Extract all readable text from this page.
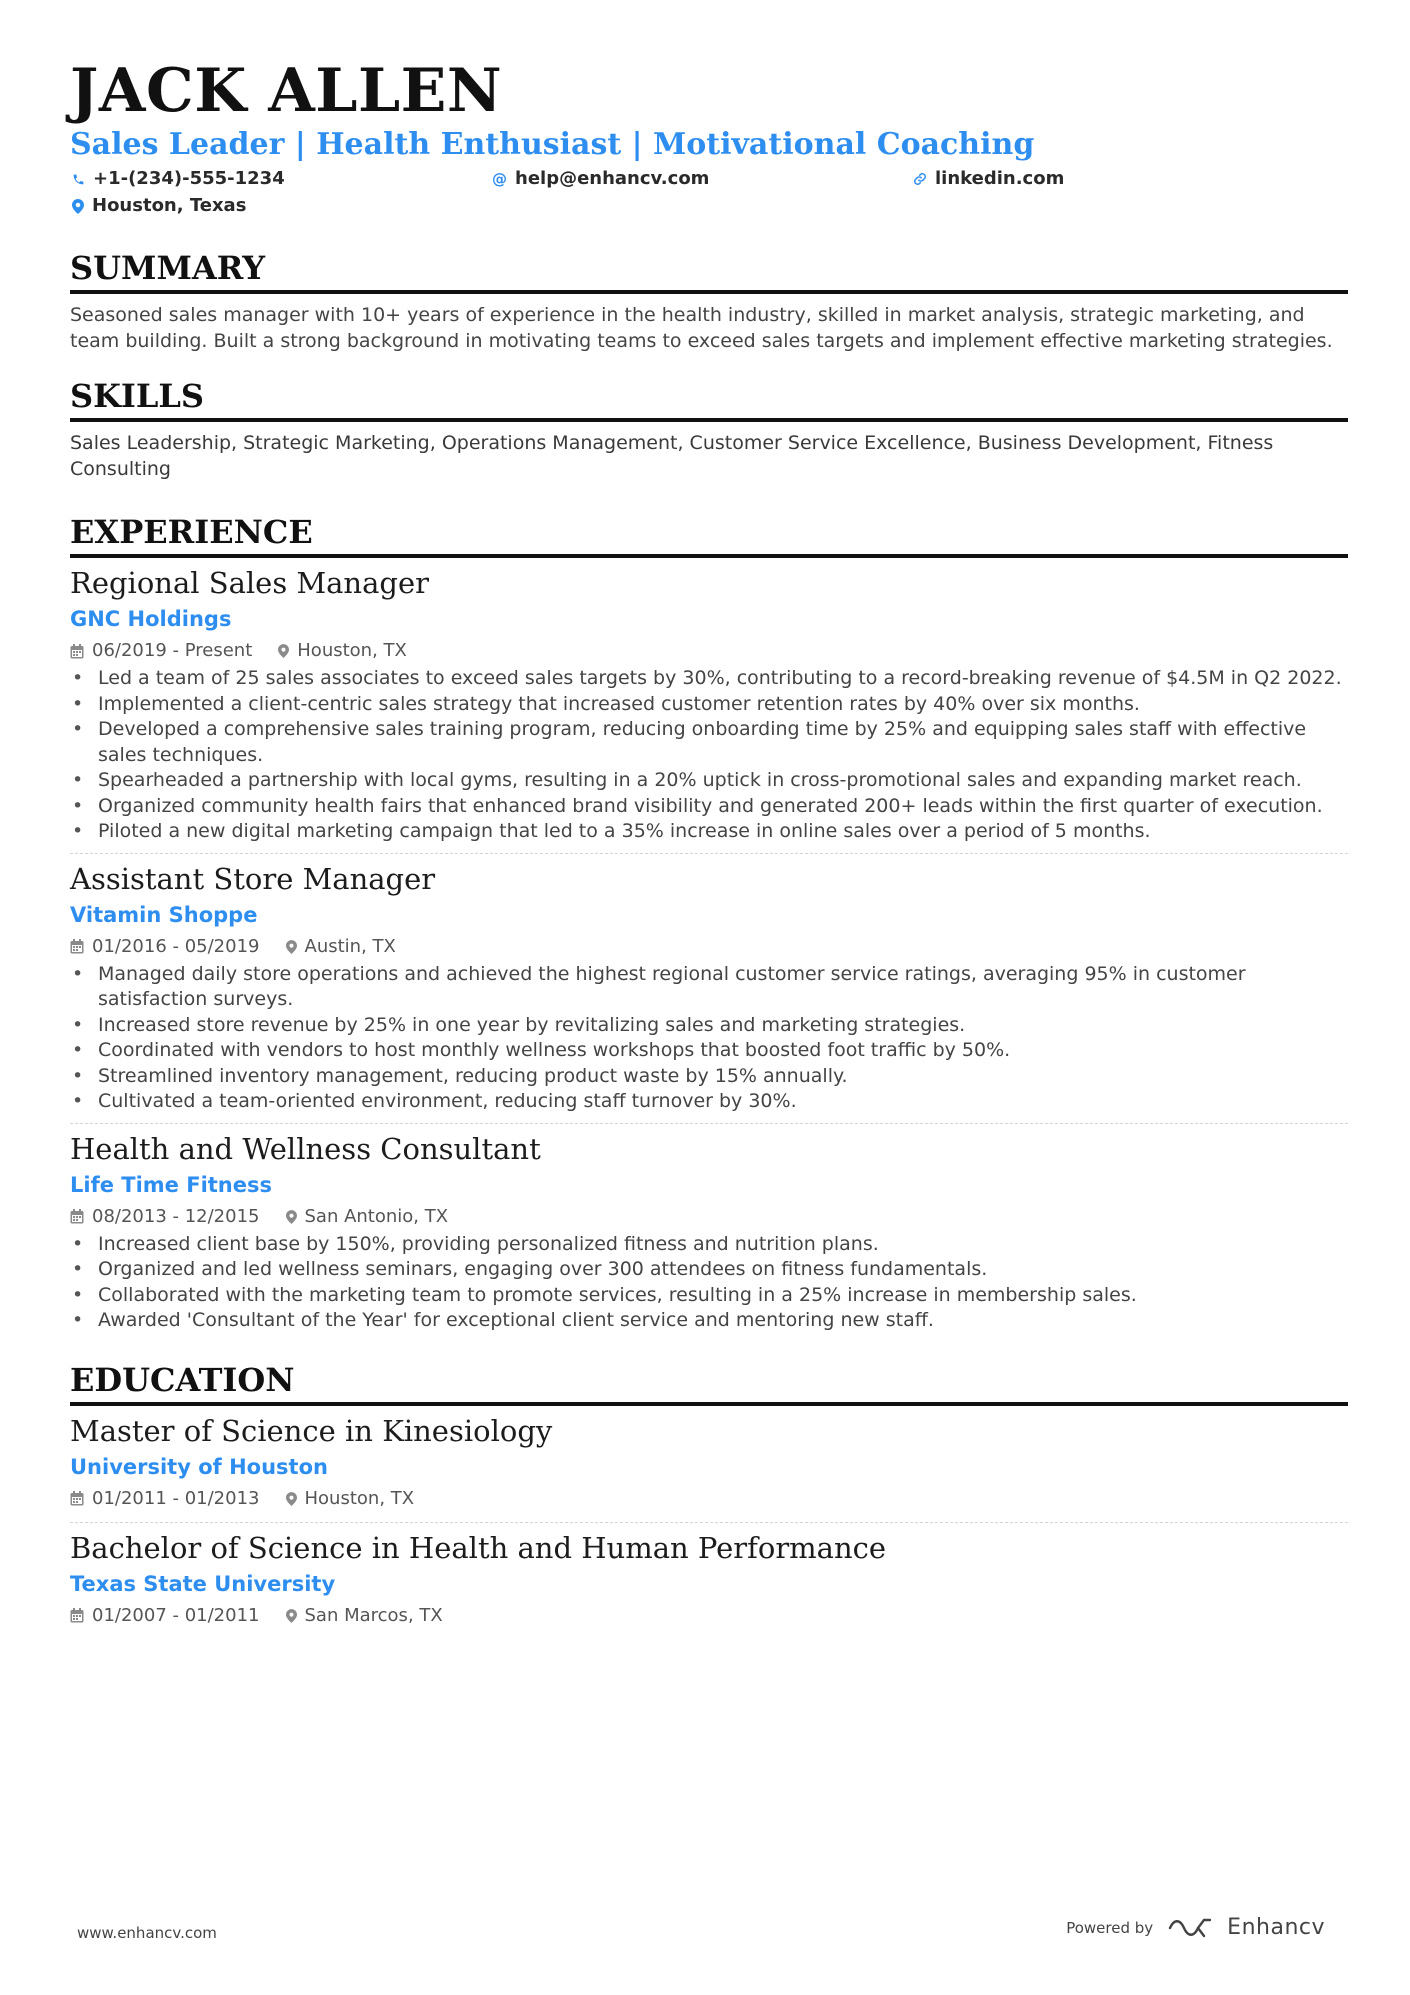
JACK ALLEN
Sales Leader | Health Enthusiast | Motivational Coaching
+1-(234)-555-1234	@ help@enhancv.com	linkedin.com
Houston, Texas
SUMMARY
Seasoned sales manager with 10+ years of experience in the health industry, skilled in market analysis, strategic marketing, and team building. Built a strong background in motivating teams to exceed sales targets and implement effective marketing strategies.
SKILLS
Sales Leadership, Strategic Marketing, Operations Management, Customer Service Excellence, Business Development, Fitness Consulting
EXPERIENCE
Regional Sales Manager
GNC Holdings
06/2019 - Present	Houston, TX
• Led a team of 25 sales associates to exceed sales targets by 30%, contributing to a record-breaking revenue of $4.5M in Q2 2022.
• Implemented a client-centric sales strategy that increased customer retention rates by 40% over six months.
• Developed a comprehensive sales training program, reducing onboarding time by 25% and equipping sales staff with effective sales techniques.
• Spearheaded a partnership with local gyms, resulting in a 20% uptick in cross-promotional sales and expanding market reach.
• Organized community health fairs that enhanced brand visibility and generated 200+ leads within the first quarter of execution.
• Piloted a new digital marketing campaign that led to a 35% increase in online sales over a period of 5 months.
Assistant Store Manager
Vitamin Shoppe
01/2016 - 05/2019	Austin, TX
• Managed daily store operations and achieved the highest regional customer service ratings, averaging 95% in customer satisfaction surveys.
• Increased store revenue by 25% in one year by revitalizing sales and marketing strategies.
• Coordinated with vendors to host monthly wellness workshops that boosted foot traffic by 50%.
• Streamlined inventory management, reducing product waste by 15% annually.
• Cultivated a team-oriented environment, reducing staff turnover by 30%.
Health and Wellness Consultant
Life Time Fitness
08/2013 - 12/2015	San Antonio, TX
• Increased client base by 150%, providing personalized fitness and nutrition plans.
• Organized and led wellness seminars, engaging over 300 attendees on fitness fundamentals.
• Collaborated with the marketing team to promote services, resulting in a 25% increase in membership sales.
• Awarded 'Consultant of the Year' for exceptional client service and mentoring new staff.
EDUCATION
Master of Science in Kinesiology
University of Houston
01/2011 - 01/2013	Houston, TX
Bachelor of Science in Health and Human Performance
Texas State University
01/2007 - 01/2011	San Marcos, TX
www.enhancv.com	Powered by	Enhancv
